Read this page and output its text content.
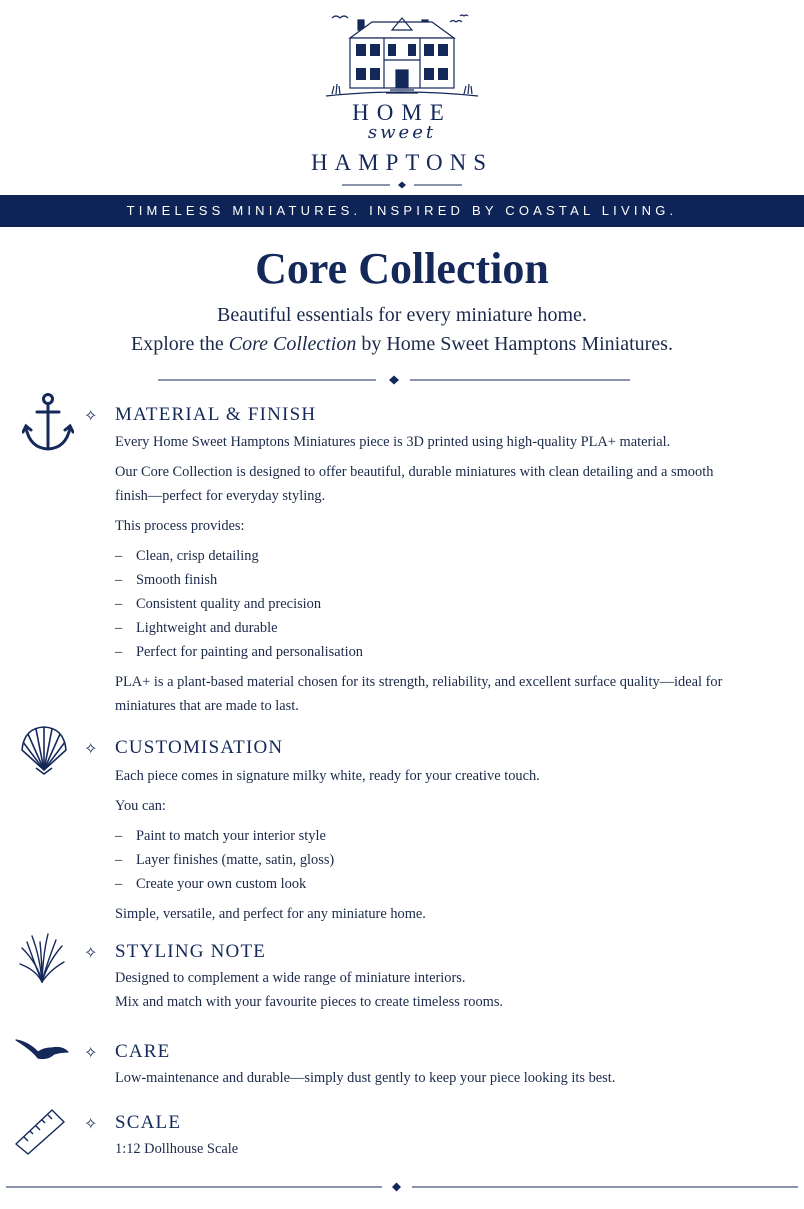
HOME
sweet
HAMPTONS
TIMELESS MINIATURES. INSPIRED BY COASTAL LIVING.
Core Collection
Beautiful essentials for every miniature home.
Explore the Core Collection by Home Sweet Hamptons Miniatures.
✧ MATERIAL & FINISH

Every Home Sweet Hamptons Miniatures piece is 3D printed using high-quality PLA+ material.

Our Core Collection is designed to offer beautiful, durable miniatures with clean detailing and a smooth finish—perfect for everyday styling.

This process provides:

– Clean, crisp detailing
– Smooth finish
– Consistent quality and precision
– Lightweight and durable
– Perfect for painting and personalisation

PLA+ is a plant-based material chosen for its strength, reliability, and excellent surface quality—ideal for miniatures that are made to last.

✧ CUSTOMISATION

Each piece comes in signature milky white, ready for your creative touch.

You can:

– Paint to match your interior style
– Layer finishes (matte, satin, gloss)
– Create your own custom look

Simple, versatile, and perfect for any miniature home.

✧ STYLING NOTE

Designed to complement a wide range of miniature interiors.

Mix and match with your favourite pieces to create timeless rooms.

✧ CARE

Low-maintenance and durable—simply dust gently to keep your piece looking its best.

✧ SCALE

1:12 Dollhouse Scale
